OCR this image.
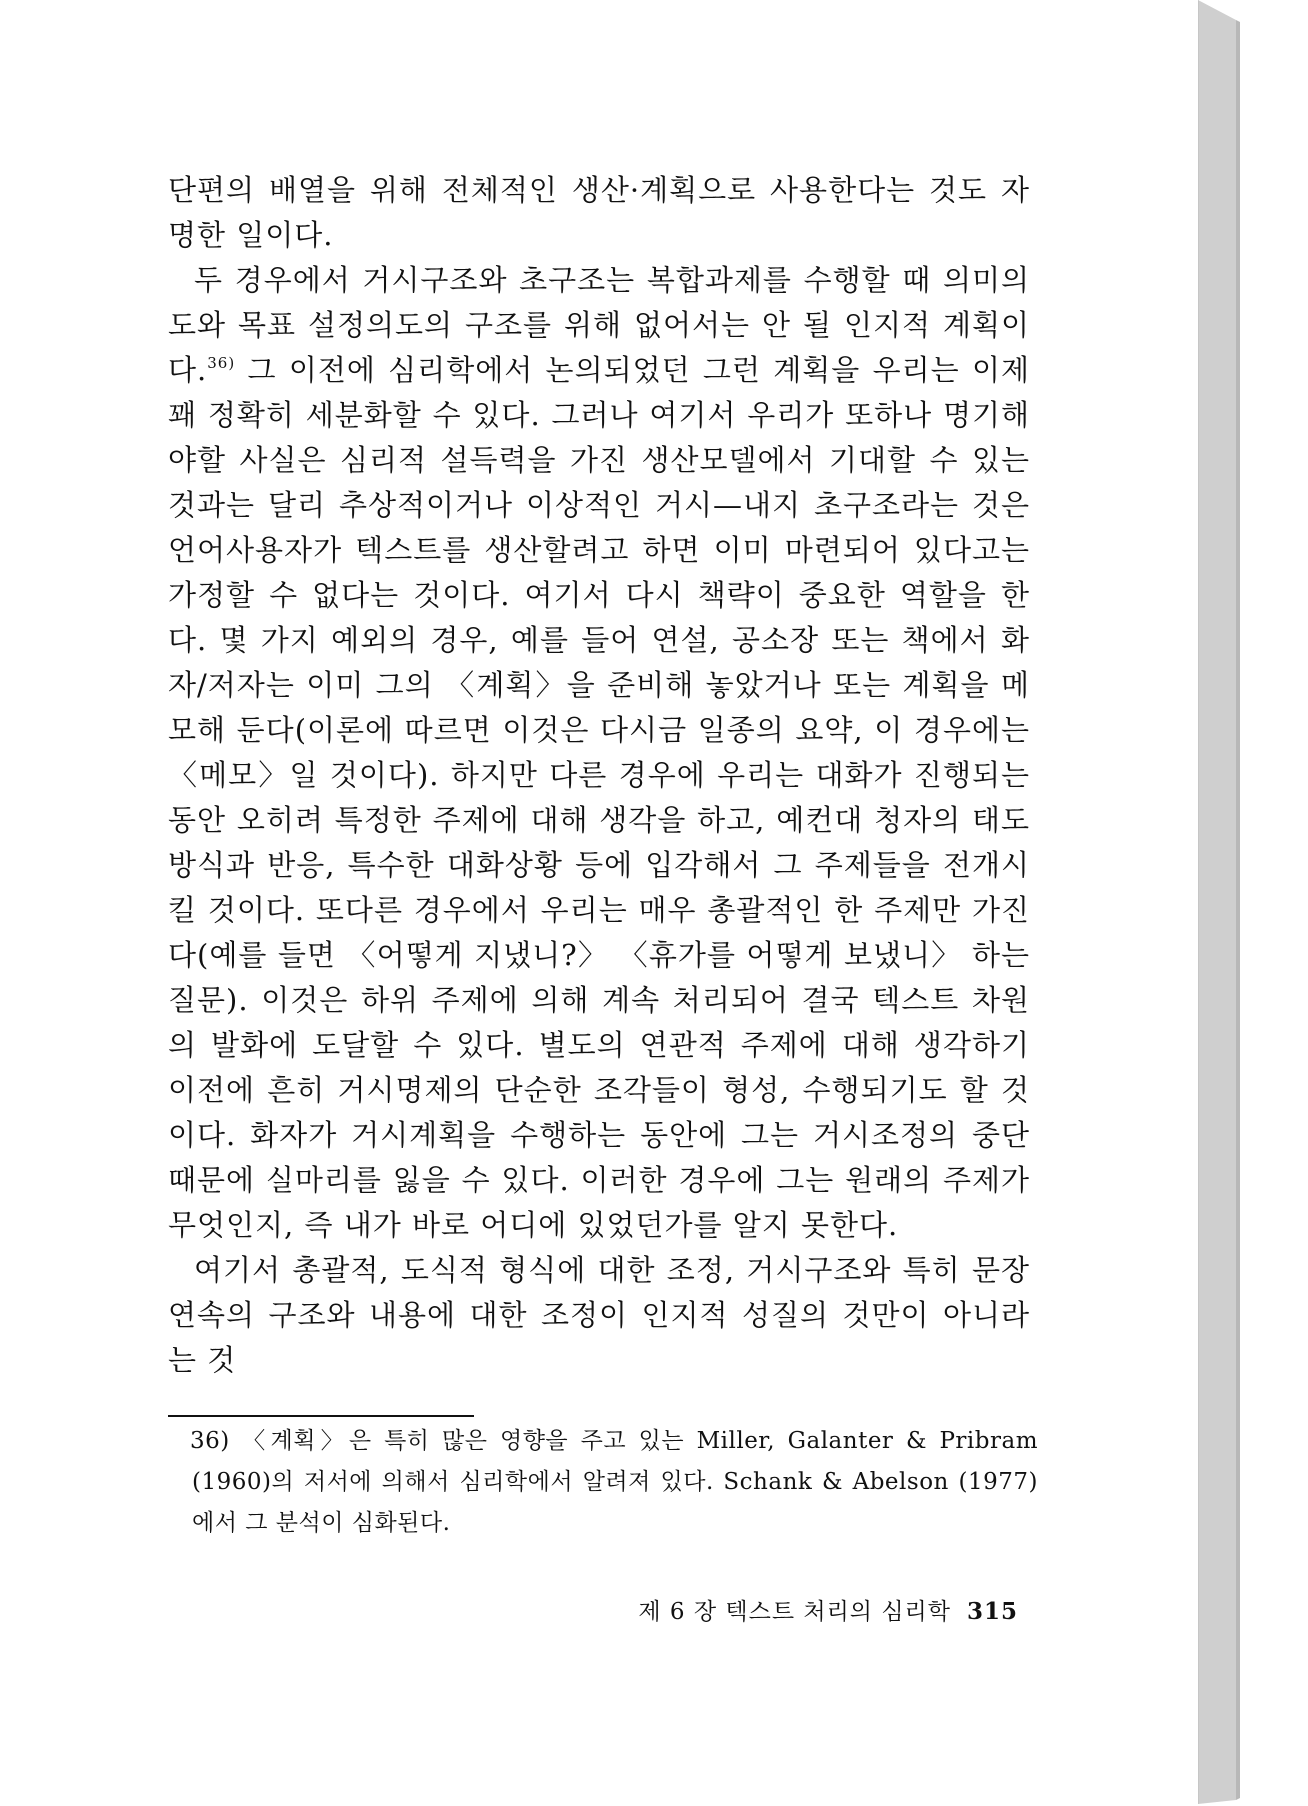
단편의 배열을 위해 전체적인 생산·계획으로 사용한다는 것도 자명한 일이다.

두 경우에서 거시구조와 초구조는 복합과제를 수행할 때 의미의도와 목표 설정의도의 구조를 위해 없어서는 안 될 인지적 계획이다.$^{36)}$ 그 이전에 심리학에서 논의되었던 그런 계획을 우리는 이제 꽤 정확히 세분화할 수 있다. 그러나 여기서 우리가 또하나 명기해야할 사실은 심리적 설득력을 가진 생산모델에서 기대할 수 있는 것과는 달리 추상적이거나 이상적인 거시—내지 초구조라는 것은 언어사용자가 텍스트를 생산할려고 하면 이미 마련되어 있다고는 가정할 수 없다는 것이다. 여기서 다시 책략이 중요한 역할을 한다. 몇 가지 예외의 경우, 예를 들어 연설, 공소장 또는 책에서 화자/저자는 이미 그의 〈계획〉을 준비해 놓았거나 또는 계획을 메모해 둔다(이론에 따르면 이것은 다시금 일종의 요약, 이 경우에는 〈메모〉일 것이다). 하지만 다른 경우에 우리는 대화가 진행되는 동안 오히려 특정한 주제에 대해 생각을 하고, 예컨대 청자의 태도방식과 반응, 특수한 대화상황 등에 입각해서 그 주제들을 전개시킬 것이다. 또다른 경우에서 우리는 매우 총괄적인 한 주제만 가진다(예를 들면 〈어떻게 지냈니?〉 〈휴가를 어떻게 보냈니〉 하는 질문). 이것은 하위 주제에 의해 계속 처리되어 결국 텍스트 차원의 발화에 도달할 수 있다. 별도의 연관적 주제에 대해 생각하기 이전에 흔히 거시명제의 단순한 조각들이 형성, 수행되기도 할 것이다. 화자가 거시계획을 수행하는 동안에 그는 거시조정의 중단 때문에 실마리를 잃을 수 있다. 이러한 경우에 그는 원래의 주제가 무엇인지, 즉 내가 바로 어디에 있었던가를 알지 못한다.

여기서 총괄적, 도식적 형식에 대한 조정, 거시구조와 특히 문장연속의 구조와 내용에 대한 조정이 인지적 성질의 것만이 아니라는 것

36) 〈계획〉은 특히 많은 영향을 주고 있는 Miller, Galanter & Pribram (1960)의 저서에 의해서 심리학에서 알려져 있다. Schank & Abelson (1977)에서 그 분석이 심화된다.
제 6 장 텍스트 처리의 심리학 315
